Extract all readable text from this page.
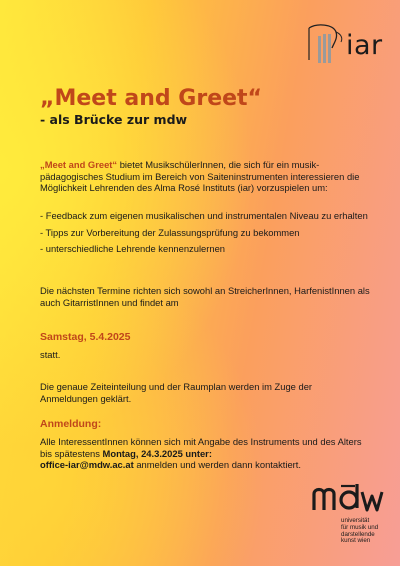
iar
„Meet and Greet“
- als Brücke zur mdw

„Meet and Greet“ bietet MusikschülerInnen, die sich für ein musik-pädagogisches Studium im Bereich von Saiteninstrumenten interessieren die Möglichkeit Lehrenden des Alma Rosé Instituts (iar) vorzuspielen um:

- Feedback zum eigenen musikalischen und instrumentalen Niveau zu erhalten
- Tipps zur Vorbereitung der Zulassungsprüfung zu bekommen
- unterschiedliche Lehrende kennenzulernen

Die nächsten Termine richten sich sowohl an StreicherInnen, HarfenistInnen als auch GitarristInnen und findet am

Samstag, 5.4.2025

statt.

Die genaue Zeiteinteilung und der Raumplan werden im Zuge der Anmeldungen geklärt.

Anmeldung:

Alle InteressentInnen können sich mit Angabe des Instruments und des Alters bis spätestens Montag, 24.3.2025 unter:
office-iar@mdw.ac.at anmelden und werden dann kontaktiert.

universität
für musik und
darstellende
kunst wien
